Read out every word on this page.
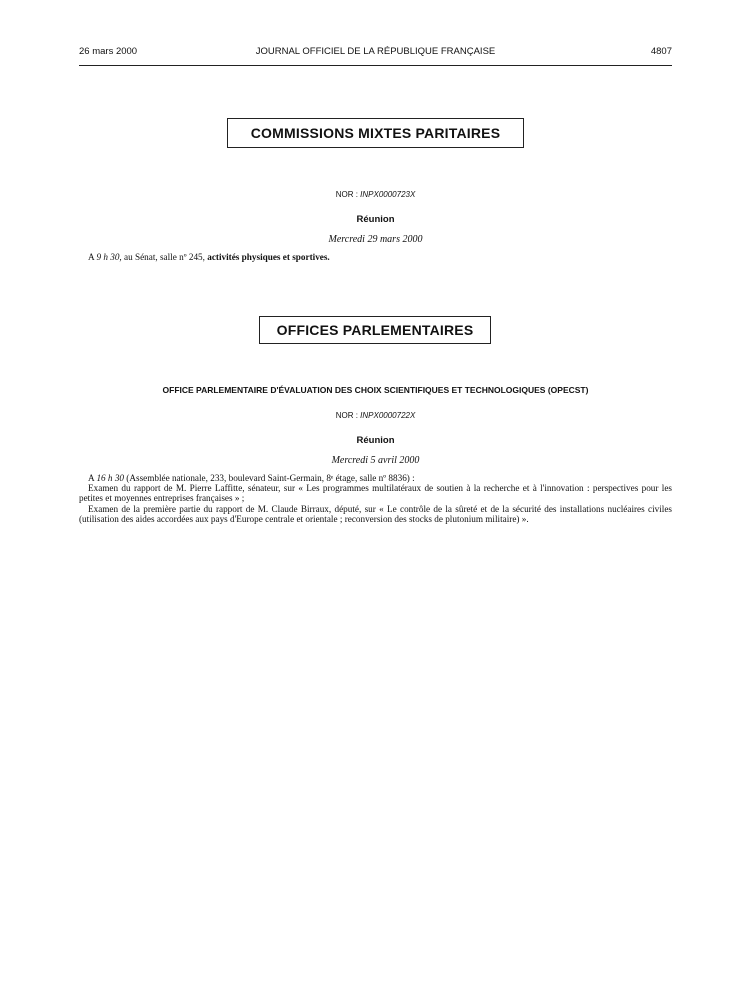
26 mars 2000	JOURNAL OFFICIEL DE LA RÉPUBLIQUE FRANÇAISE	4807
COMMISSIONS MIXTES PARITAIRES
NOR : INPX0000723X
Réunion
Mercredi 29 mars 2000
A 9 h 30, au Sénat, salle nº 245, activités physiques et sportives.
OFFICES PARLEMENTAIRES
OFFICE PARLEMENTAIRE D'ÉVALUATION DES CHOIX SCIENTIFIQUES ET TECHNOLOGIQUES (OPECST)
NOR : INPX0000722X
Réunion
Mercredi 5 avril 2000
A 16 h 30 (Assemblée nationale, 233, boulevard Saint-Germain, 8ᵉ étage, salle nº 8836) :
Examen du rapport de M. Pierre Laffitte, sénateur, sur « Les programmes multilatéraux de soutien à la recherche et à l'innovation : perspectives pour les petites et moyennes entreprises françaises » ;
Examen de la première partie du rapport de M. Claude Birraux, député, sur « Le contrôle de la sûreté et de la sécurité des installations nucléaires civiles (utilisation des aides accordées aux pays d'Europe centrale et orientale ; reconversion des stocks de plutonium militaire) ».
